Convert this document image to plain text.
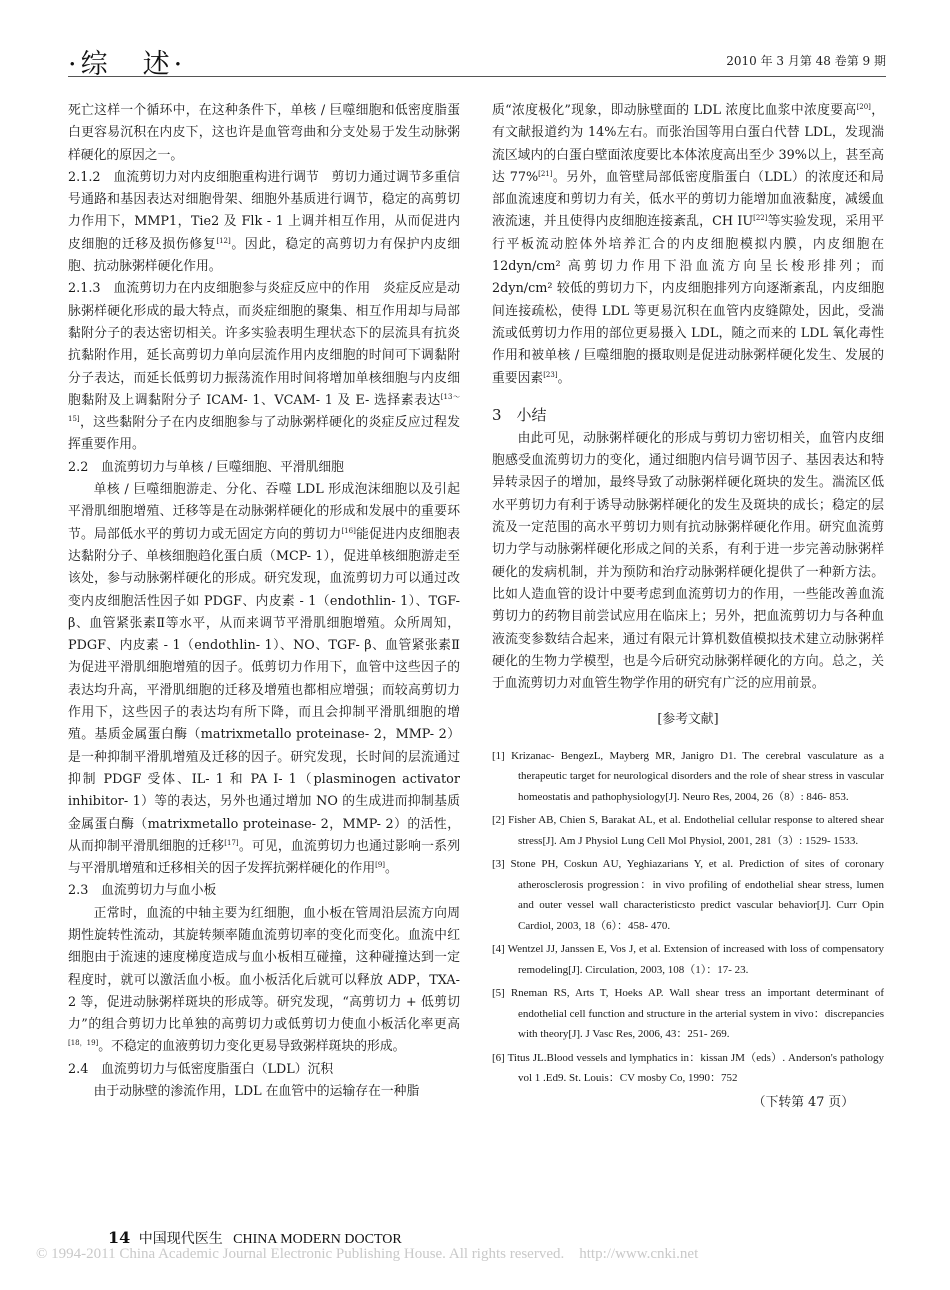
·综　述·	2010 年 3 月第 48 卷第 9 期

死亡这样一个循环中，在这种条件下，单核 / 巨噬细胞和低密度脂蛋白更容易沉积在内皮下，这也许是血管弯曲和分支处易于发生动脉粥样硬化的原因之一。

2.1.2　血流剪切力对内皮细胞重构进行调节　剪切力通过调节多重信号通路和基因表达对细胞骨架、细胞外基质进行调节，稳定的高剪切力作用下，MMP1，Tie2 及 Flk - 1 上调并相互作用，从而促进内皮细胞的迁移及损伤修复[12]。因此，稳定的高剪切力有保护内皮细胞、抗动脉粥样硬化作用。

2.1.3　血流剪切力在内皮细胞参与炎症反应中的作用　炎症反应是动脉粥样硬化形成的最大特点，而炎症细胞的聚集、相互作用却与局部黏附分子的表达密切相关。许多实验表明生理状态下的层流具有抗炎抗黏附作用，延长高剪切力单向层流作用内皮细胞的时间可下调黏附分子表达，而延长低剪切力振荡流作用时间将增加单核细胞与内皮细胞黏附及上调黏附分子 ICAM- 1、VCAM- 1 及 E- 选择素表达[13～15]，这些黏附分子在内皮细胞参与了动脉粥样硬化的炎症反应过程发挥重要作用。

2.2　血流剪切力与单核 / 巨噬细胞、平滑肌细胞

单核 / 巨噬细胞游走、分化、吞噬 LDL 形成泡沫细胞以及引起平滑肌细胞增殖、迁移等是在动脉粥样硬化的形成和发展中的重要环节。局部低水平的剪切力或无固定方向的剪切力[16]能促进内皮细胞表达黏附分子、单核细胞趋化蛋白质（MCP- 1），促进单核细胞游走至该处，参与动脉粥样硬化的形成。研究发现，血流剪切力可以通过改变内皮细胞活性因子如 PDGF、内皮素 - 1（endothlin- 1）、TGF- β、血管紧张素Ⅱ等水平，从而来调节平滑肌细胞增殖。众所周知，PDGF、内皮素 - 1（endothlin- 1）、NO、TGF- β、血管紧张素Ⅱ为促进平滑肌细胞增殖的因子。低剪切力作用下，血管中这些因子的表达均升高，平滑肌细胞的迁移及增殖也都相应增强；而较高剪切力作用下，这些因子的表达均有所下降，而且会抑制平滑肌细胞的增殖。基质金属蛋白酶（matrixmetallo proteinase- 2，MMP- 2）是一种抑制平滑肌增殖及迁移的因子。研究发现，长时间的层流通过抑制 PDGF 受体、IL- 1 和 PA I- 1（plasminogen activator inhibitor- 1）等的表达，另外也通过增加 NO 的生成进而抑制基质金属蛋白酶（matrixmetallo proteinase- 2，MMP- 2）的活性，从而抑制平滑肌细胞的迁移[17]。可见，血流剪切力也通过影响一系列与平滑肌增殖和迁移相关的因子发挥抗粥样硬化的作用[9]。

2.3　血流剪切力与血小板

正常时，血流的中轴主要为红细胞，血小板在管周沿层流方向周期性旋转性流动，其旋转频率随血流剪切率的变化而变化。血流中红细胞由于流速的速度梯度造成与血小板相互碰撞，这种碰撞达到一定程度时，就可以激活血小板。血小板活化后就可以释放 ADP，TXA- 2 等，促进动脉粥样斑块的形成等。研究发现，“高剪切力 + 低剪切力”的组合剪切力比单独的高剪切力或低剪切力使血小板活化率更高[18，19]。不稳定的血液剪切力变化更易导致粥样斑块的形成。

2.4　血流剪切力与低密度脂蛋白（LDL）沉积

由于动脉壁的渗流作用，LDL 在血管中的运输存在一种脂

质“浓度极化”现象，即动脉壁面的 LDL 浓度比血浆中浓度要高[20]，有文献报道约为 14%左右。而张治国等用白蛋白代替 LDL，发现湍流区域内的白蛋白壁面浓度要比本体浓度高出至少 39%以上，甚至高达 77%[21]。另外，血管壁局部低密度脂蛋白（LDL）的浓度还和局部血流速度和剪切力有关，低水平的剪切力能增加血液黏度，减缓血液流速，并且使得内皮细胞连接紊乱，CH IU[22]等实验发现，采用平行平板流动腔体外培养汇合的内皮细胞模拟内膜，内皮细胞在 12dyn/cm² 高剪切力作用下沿血流方向呈长梭形排列；而 2dyn/cm² 较低的剪切力下，内皮细胞排列方向逐渐紊乱，内皮细胞间连接疏松，使得 LDL 等更易沉积在血管内皮缝隙处，因此，受湍流或低剪切力作用的部位更易摄入 LDL，随之而来的 LDL 氧化毒性作用和被单核 / 巨噬细胞的摄取则是促进动脉粥样硬化发生、发展的重要因素[23]。

3　小结

由此可见，动脉粥样硬化的形成与剪切力密切相关，血管内皮细胞感受血流剪切力的变化，通过细胞内信号调节因子、基因表达和特异转录因子的增加，最终导致了动脉粥样硬化斑块的发生。湍流区低水平剪切力有利于诱导动脉粥样硬化的发生及斑块的成长；稳定的层流及一定范围的高水平剪切力则有抗动脉粥样硬化作用。研究血流剪切力学与动脉粥样硬化形成之间的关系，有利于进一步完善动脉粥样硬化的发病机制，并为预防和治疗动脉粥样硬化提供了一种新方法。比如人造血管的设计中要考虑到血流剪切力的作用，一些能改善血流剪切力的药物目前尝试应用在临床上；另外，把血流剪切力与各种血液流变参数结合起来，通过有限元计算机数值模拟技术建立动脉粥样硬化的生物力学模型，也是今后研究动脉粥样硬化的方向。总之，关于血流剪切力对血管生物学作用的研究有广泛的应用前景。

[参考文献]

[1] Krizanac- BengezL, Mayberg MR, Janigro D1. The cerebral vasculature as a therapeutic target for neurological disorders and the role of shear stress in vascular homeostatis and pathophysiology[J]. Neuro Res, 2004, 26（8）: 846- 853.

[2] Fisher AB, Chien S, Barakat AL, et al. Endothelial cellular response to altered shear stress[J]. Am J Physiol Lung Cell Mol Physiol, 2001, 281（3）: 1529- 1533.

[3] Stone PH, Coskun AU, Yeghiazarians Y, et al. Prediction of sites of coronary atherosclerosis progression：in vivo profiling of endothelial shear stress, lumen and outer vessel wall characteristicsto predict vascular behavior[J]. Curr Opin Cardiol, 2003, 18（6）：458- 470.

[4] Wentzel JJ, Janssen E, Vos J, et al. Extension of increased with loss of compensatory remodeling[J]. Circulation, 2003, 108（1）：17- 23.

[5] Rneman RS, Arts T, Hoeks AP. Wall shear tress an important determinant of endothelial cell function and structure in the arterial system in vivo：discrepancies with theory[J]. J Vasc Res, 2006, 43：251- 269.

[6] Titus JL.Blood vessels and lymphatics in：kissan JM（eds）. Anderson's pathology vol 1 .Ed9. St. Louis：CV mosby Co, 1990：752

（下转第 47 页）

14 中国现代医生 CHINA MODERN DOCTOR
© 1994-2011 China Academic Journal Electronic Publishing House. All rights reserved.　http://www.cnki.net
